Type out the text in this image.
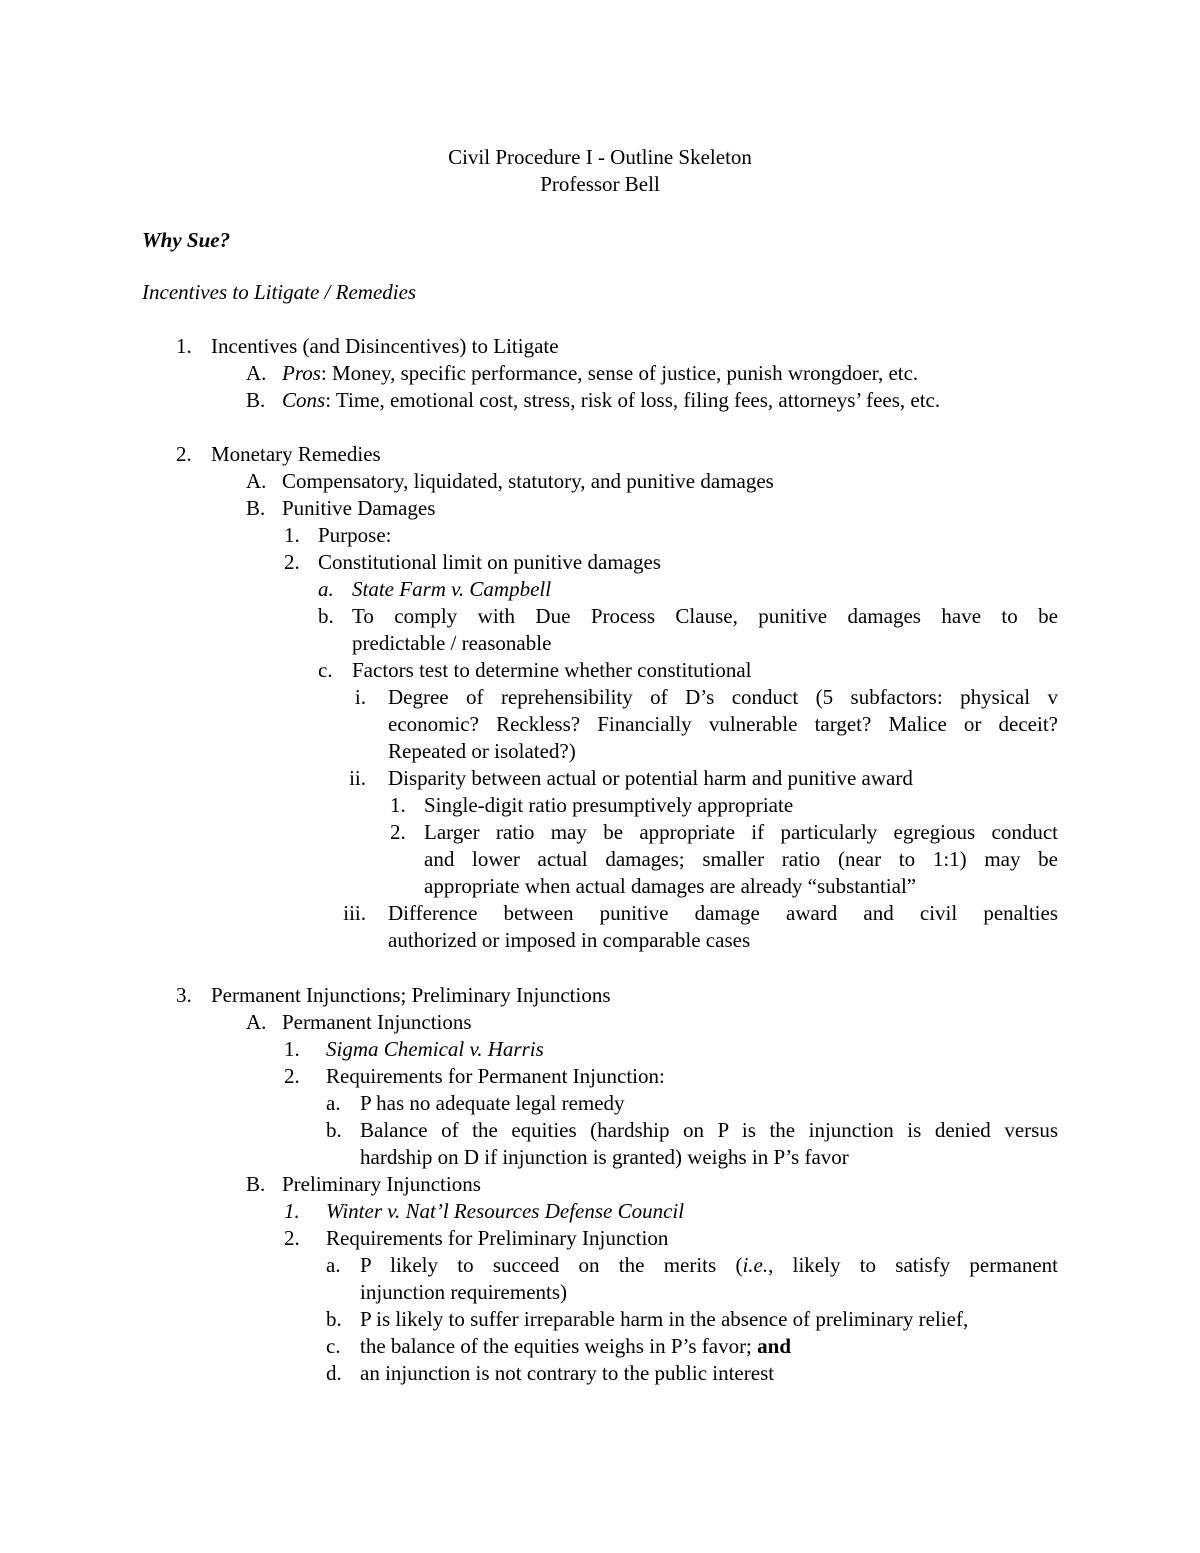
Civil Procedure I - Outline Skeleton
Professor Bell
Why Sue?
Incentives to Litigate / Remedies
1. Incentives (and Disincentives) to Litigate
A. Pros: Money, specific performance, sense of justice, punish wrongdoer, etc.
B. Cons: Time, emotional cost, stress, risk of loss, filing fees, attorneys’ fees, etc.
2. Monetary Remedies
A. Compensatory, liquidated, statutory, and punitive damages
B. Punitive Damages
1. Purpose:
2. Constitutional limit on punitive damages
a. State Farm v. Campbell
b. To comply with Due Process Clause, punitive damages have to be
predictable / reasonable
c. Factors test to determine whether constitutional
i. Degree of reprehensibility of D’s conduct (5 subfactors: physical v
economic? Reckless? Financially vulnerable target? Malice or deceit?
Repeated or isolated?)
ii. Disparity between actual or potential harm and punitive award
1. Single-digit ratio presumptively appropriate
2. Larger ratio may be appropriate if particularly egregious conduct
and lower actual damages; smaller ratio (near to 1:1) may be
appropriate when actual damages are already “substantial”
iii. Difference between punitive damage award and civil penalties
authorized or imposed in comparable cases
3. Permanent Injunctions; Preliminary Injunctions
A. Permanent Injunctions
1. Sigma Chemical v. Harris
2. Requirements for Permanent Injunction:
a. P has no adequate legal remedy
b. Balance of the equities (hardship on P is the injunction is denied versus
hardship on D if injunction is granted) weighs in P’s favor
B. Preliminary Injunctions
1. Winter v. Nat’l Resources Defense Council
2. Requirements for Preliminary Injunction
a. P likely to succeed on the merits (i.e., likely to satisfy permanent
injunction requirements)
b. P is likely to suffer irreparable harm in the absence of preliminary relief,
c. the balance of the equities weighs in P’s favor; and
d. an injunction is not contrary to the public interest
